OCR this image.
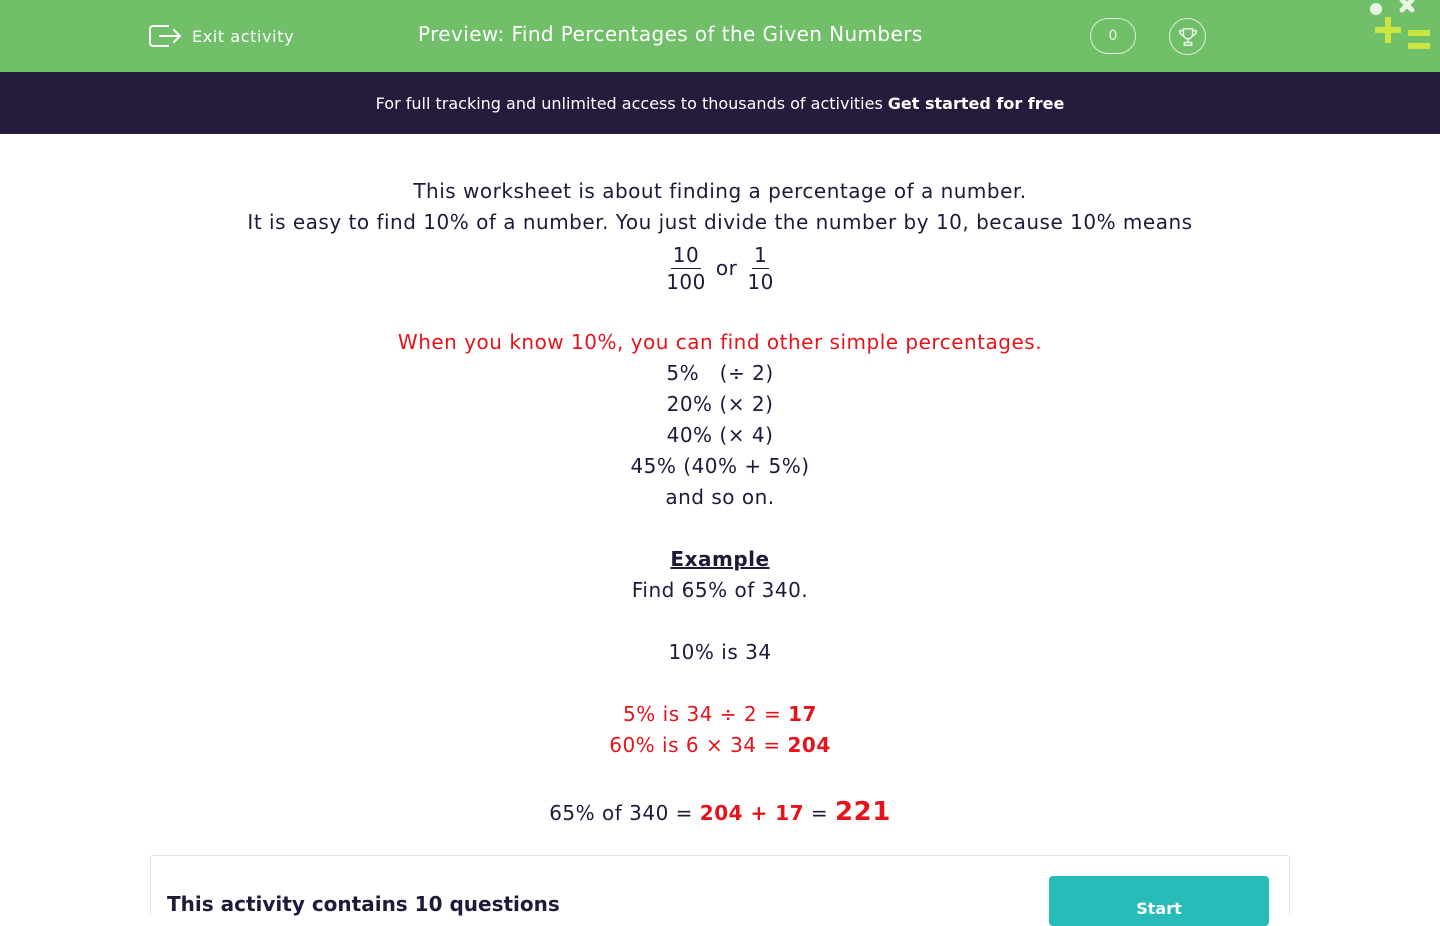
Exit activity	Preview: Find Percentages of the Given Numbers	0
For full tracking and unlimited access to thousands of activities Get started for free
This worksheet is about finding a percentage of a number.
It is easy to find 10% of a number. You just divide the number by 10, because 10% means
$\frac{10}{100}$ or $\frac{1}{10}$
When you know 10%, you can find other simple percentages.
5%   (÷ 2)
20% (× 2)
40% (× 4)
45% (40% + 5%)
and so on.
Example
Find 65% of 340.
10% is 34
5% is 34 ÷ 2 = 17
60% is 6 × 34 = 204
65% of 340 = 204 + 17 = 221
This activity contains 10 questions	Start
